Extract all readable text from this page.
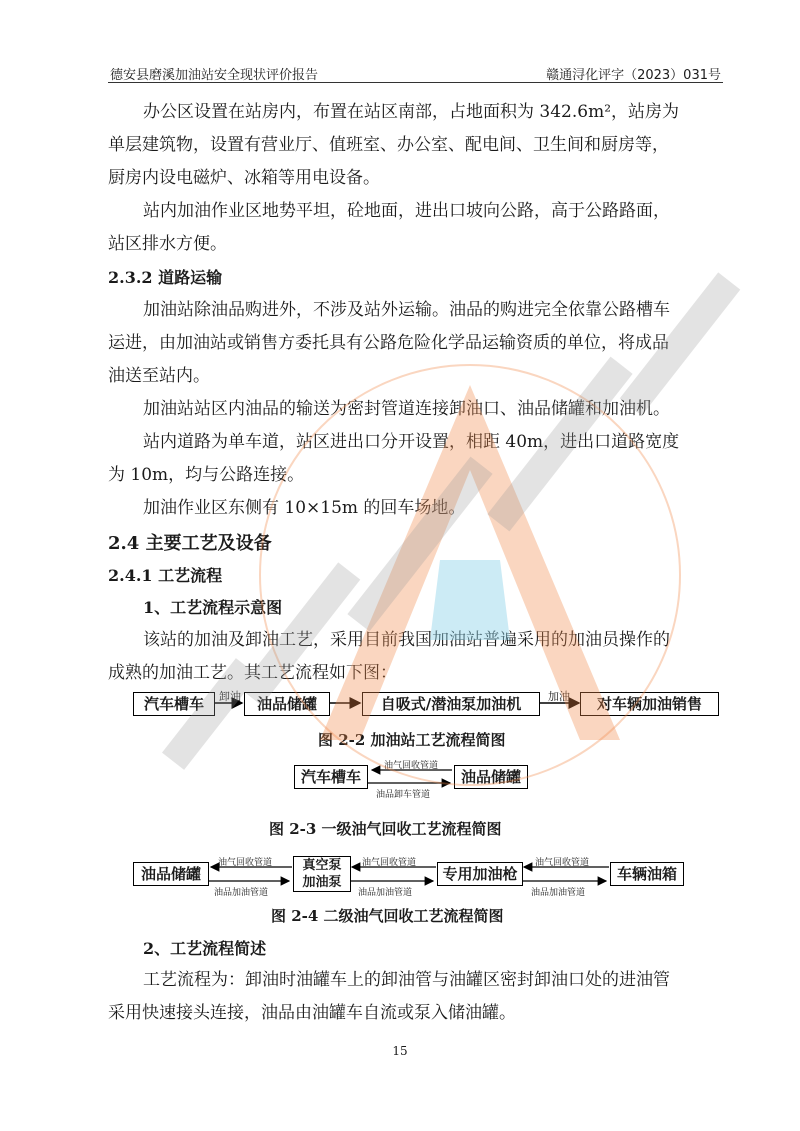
德安县磨溪加油站安全现状评价报告	赣通浔化评字（2023）031号
办公区设置在站房内，布置在站区南部，占地面积为 342.6m²，站房为
单层建筑物，设置有营业厅、值班室、办公室、配电间、卫生间和厨房等，
厨房内设电磁炉、冰箱等用电设备。
站内加油作业区地势平坦，砼地面，进出口坡向公路，高于公路路面，
站区排水方便。
2.3.2 道路运输
加油站除油品购进外，不涉及站外运输。油品的购进完全依靠公路槽车
运进，由加油站或销售方委托具有公路危险化学品运输资质的单位，将成品
油送至站内。
加油站站区内油品的输送为密封管道连接卸油口、油品储罐和加油机。
站内道路为单车道，站区进出口分开设置，相距 40m，进出口道路宽度
为 10m，均与公路连接。
加油作业区东侧有 10×15m 的回车场地。
2.4 主要工艺及设备
2.4.1 工艺流程
1、工艺流程示意图
该站的加油及卸油工艺，采用目前我国加油站普遍采用的加油员操作的
成熟的加油工艺。其工艺流程如下图：
汽车槽车	卸油	油品储罐	自吸式/潜油泵加油机	加油	对车辆加油销售
图 2-2 加油站工艺流程简图
汽车槽车
油气回收管道
油品卸车管道
油品储罐
图 2-3 一级油气回收工艺流程简图
油品储罐
油气回收管道
油品加油管道
真空泵
加油泵
油气回收管道
油品加油管道
专用加油枪
油气回收管道
油品加油管道
车辆油箱
图 2-4 二级油气回收工艺流程简图
2、工艺流程简述
工艺流程为：卸油时油罐车上的卸油管与油罐区密封卸油口处的进油管
采用快速接头连接，油品由油罐车自流或泵入储油罐。
15
